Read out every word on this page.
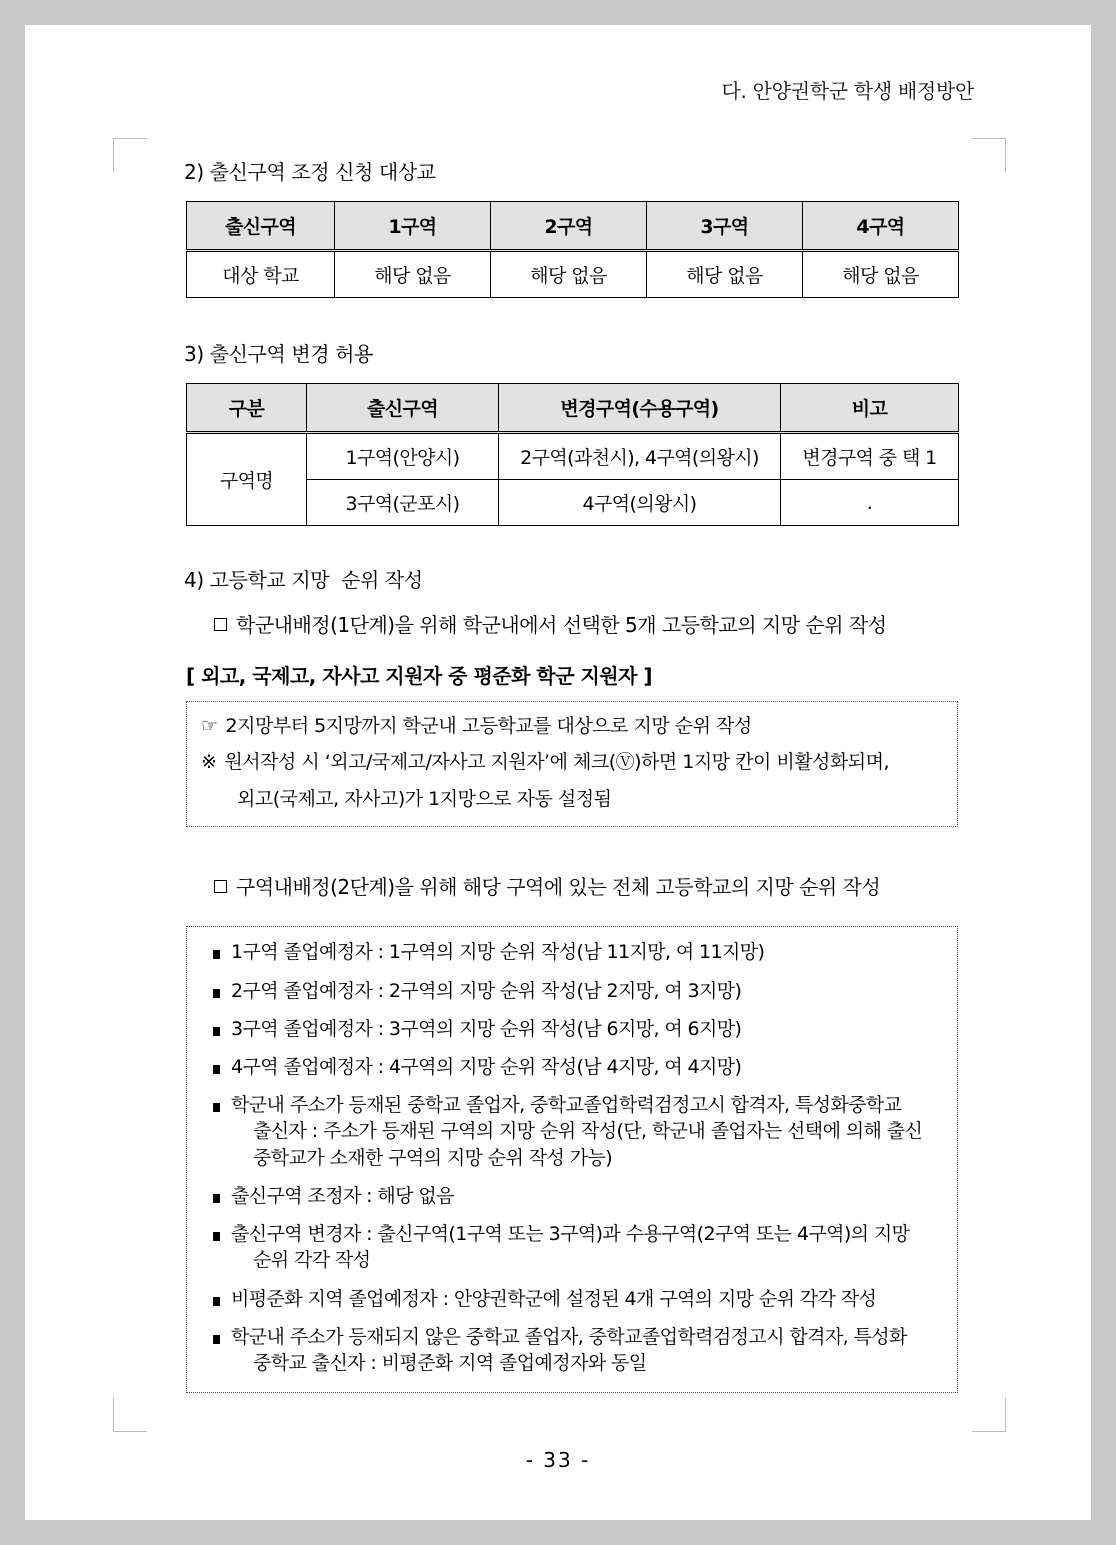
다. 안양권학군 학생 배정방안
2) 출신구역 조정 신청 대상교
출신구역	1구역	2구역	3구역	4구역
대상 학교	해당 없음	해당 없음	해당 없음	해당 없음
3) 출신구역 변경 허용
구분	출신구역	변경구역(수용구역)	비고
구역명	1구역(안양시)	2구역(과천시), 4구역(의왕시)	변경구역 중 택 1
	3구역(군포시)	4구역(의왕시)	.
4) 고등학교 지망  순위 작성
학군내배정(1단계)을 위해 학군내에서 선택한 5개 고등학교의 지망 순위 작성
[ 외고, 국제고, 자사고 지원자 중 평준화 학군 지원자 ]

☞ 2지망부터 5지망까지 학군내 고등학교를 대상으로 지망 순위 작성

※ 원서작성 시 ‘외고/국제고/자사고 지원자’에 체크(Ⓥ)하면 1지망 칸이 비활성화되며,

외고(국제고, 자사고)가 1지망으로 자동 설정됨

구역내배정(2단계)을 위해 해당 구역에 있는 전체 고등학교의 지망 순위 작성
1구역 졸업예정자 : 1구역의 지망 순위 작성(남 11지망, 여 11지망)
2구역 졸업예정자 : 2구역의 지망 순위 작성(남 2지망, 여 3지망)
3구역 졸업예정자 : 3구역의 지망 순위 작성(남 6지망, 여 6지망)
4구역 졸업예정자 : 4구역의 지망 순위 작성(남 4지망, 여 4지망)
학군내 주소가 등재된 중학교 졸업자, 중학교졸업학력검정고시 합격자, 특성화중학교
출신자 : 주소가 등재된 구역의 지망 순위 작성(단, 학군내 졸업자는 선택에 의해 출신 중학교가 소재한 구역의 지망 순위 작성 가능)
출신구역 조정자 : 해당 없음
출신구역 변경자 : 출신구역(1구역 또는 3구역)과 수용구역(2구역 또는 4구역)의 지망
순위 각각 작성
비평준화 지역 졸업예정자 : 안양권학군에 설정된 4개 구역의 지망 순위 각각 작성
학군내 주소가 등재되지 않은 중학교 졸업자, 중학교졸업학력검정고시 합격자, 특성화
중학교 출신자 : 비평준화 지역 졸업예정자와 동일
- 33 -
